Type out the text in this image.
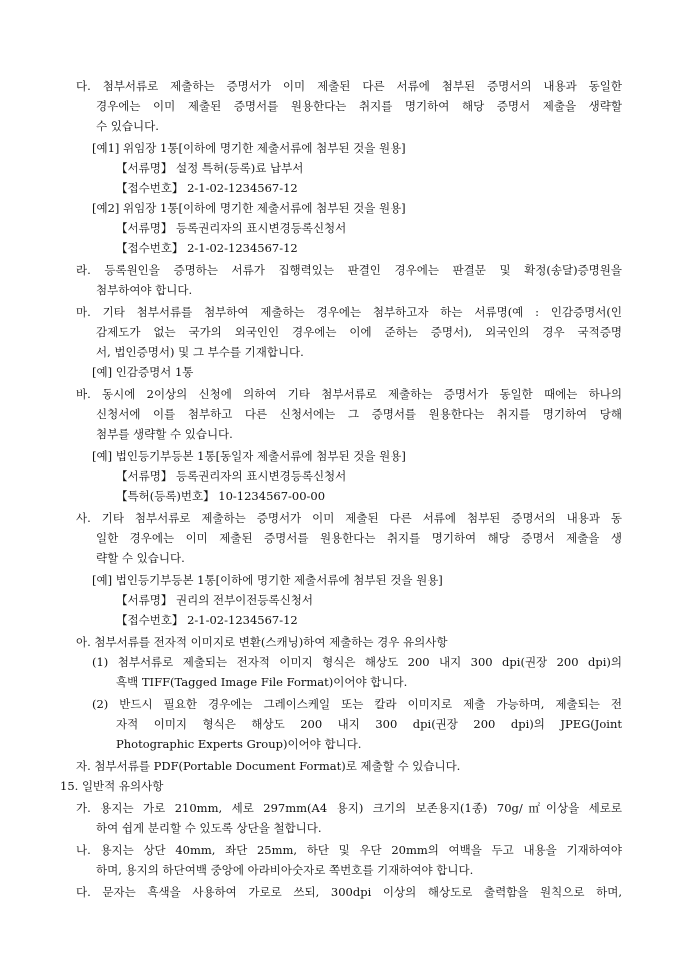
다. 첨부서류로 제출하는 증명서가 이미 제출된 다른 서류에 첨부된 증명서의 내용과 동일한
경우에는 이미 제출된 증명서를 원용한다는 취지를 명기하여 해당 증명서 제출을 생략할
수 있습니다.
[예1] 위임장 1통[이하에 명기한 제출서류에 첨부된 것을 원용]
【서류명】 설정 특허(등록)료 납부서
【접수번호】 2-1-02-1234567-12
[예2] 위임장 1통[이하에 명기한 제출서류에 첨부된 것을 원용]
【서류명】 등록권리자의 표시변경등록신청서
【접수번호】 2-1-02-1234567-12
라. 등록원인을 증명하는 서류가 집행력있는 판결인 경우에는 판결문 및 확정(송달)증명원을
첨부하여야 합니다.
마. 기타 첨부서류를 첨부하여 제출하는 경우에는 첨부하고자 하는 서류명(예 : 인감증명서(인
감제도가 없는 국가의 외국인인 경우에는 이에 준하는 증명서), 외국인의 경우 국적증명
서, 법인증명서) 및 그 부수를 기재합니다.
[예] 인감증명서 1통
바. 동시에 2이상의 신청에 의하여 기타 첨부서류로 제출하는 증명서가 동일한 때에는 하나의
신청서에 이를 첨부하고 다른 신청서에는 그 증명서를 원용한다는 취지를 명기하여 당해
첨부를 생략할 수 있습니다.
[예] 법인등기부등본 1통[동일자 제출서류에 첨부된 것을 원용]
【서류명】 등록권리자의 표시변경등록신청서
【특허(등록)번호】 10-1234567-00-00
사. 기타 첨부서류로 제출하는 증명서가 이미 제출된 다른 서류에 첨부된 증명서의 내용과 동
일한 경우에는 이미 제출된 증명서를 원용한다는 취지를 명기하여 해당 증명서 제출을 생
략할 수 있습니다.
[예] 법인등기부등본 1통[이하에 명기한 제출서류에 첨부된 것을 원용]
【서류명】 권리의 전부이전등록신청서
【접수번호】 2-1-02-1234567-12
아. 첨부서류를 전자적 이미지로 변환(스캐닝)하여 제출하는 경우 유의사항
(1) 첨부서류로 제출되는 전자적 이미지 형식은 해상도 200 내지 300 dpi(권장 200 dpi)의
흑백 TIFF(Tagged Image File Format)이어야 합니다.
(2) 반드시 필요한 경우에는 그레이스케일 또는 칼라 이미지로 제출 가능하며, 제출되는 전
자적 이미지 형식은 해상도 200 내지 300 dpi(권장 200 dpi)의 JPEG(Joint
Photographic Experts Group)이어야 합니다.
자. 첨부서류를 PDF(Portable Document Format)로 제출할 수 있습니다.
15. 일반적 유의사항
가. 용지는 가로 210mm, 세로 297mm(A4 용지) 크기의 보존용지(1종) 70g/㎡이상을 세로로
하여 쉽게 분리할 수 있도록 상단을 철합니다.
나. 용지는 상단 40mm, 좌단 25mm, 하단 및 우단 20mm의 여백을 두고 내용을 기재하여야
하며, 용지의 하단여백 중앙에 아라비아숫자로 쪽번호를 기재하여야 합니다.
다. 문자는 흑색을 사용하여 가로로 쓰되, 300dpi 이상의 해상도로 출력함을 원칙으로 하며,
